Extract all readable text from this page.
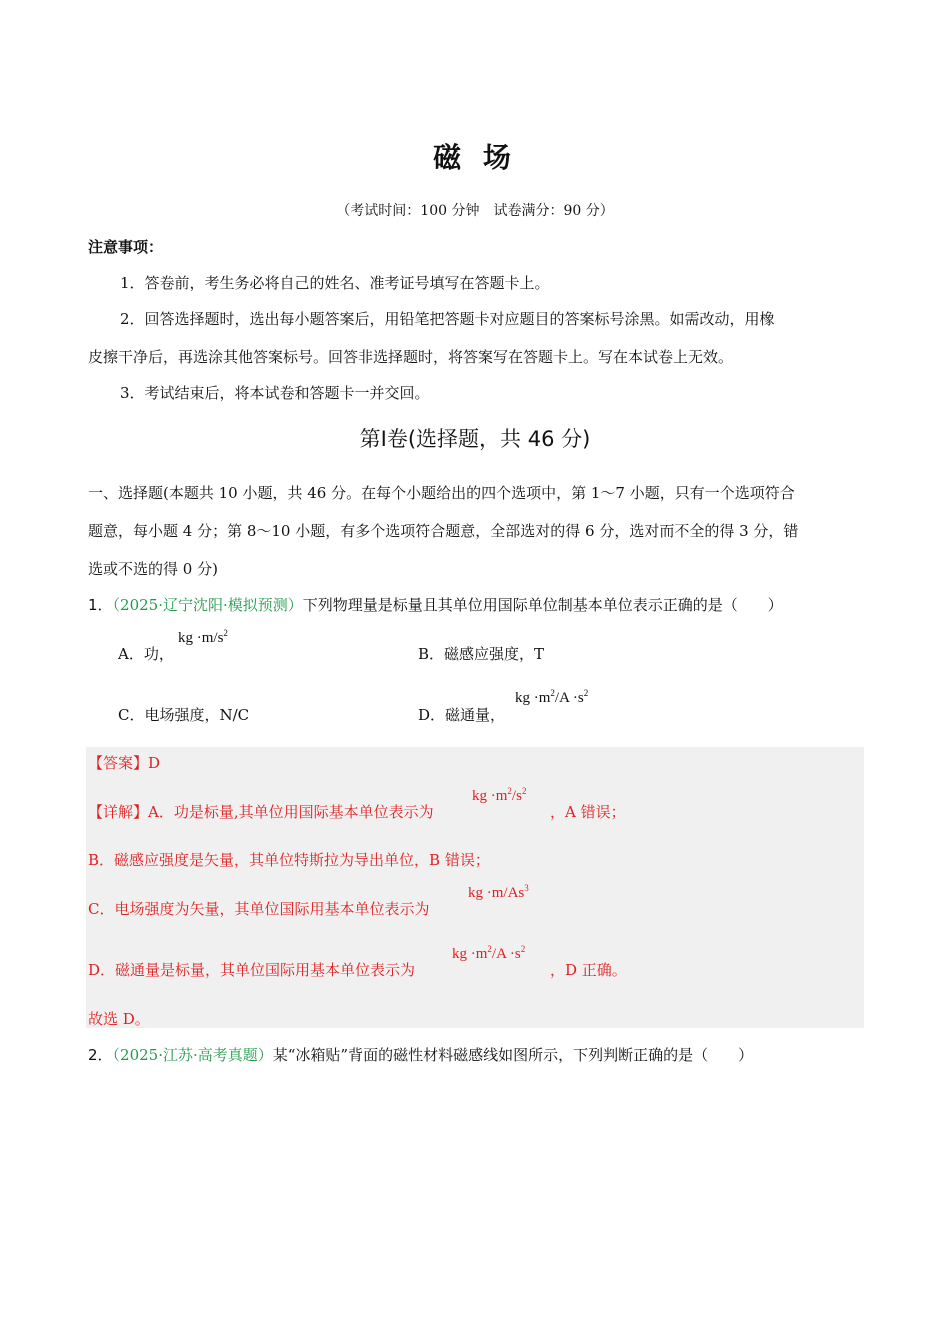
磁 场
（考试时间：100 分钟　试卷满分：90 分）
注意事项：
1．答卷前，考生务必将自己的姓名、准考证号填写在答题卡上。
2．回答选择题时，选出每小题答案后，用铅笔把答题卡对应题目的答案标号涂黑。如需改动，用橡
皮擦干净后，再选涂其他答案标号。回答非选择题时，将答案写在答题卡上。写在本试卷上无效。
3．考试结束后，将本试卷和答题卡一并交回。
第Ⅰ卷(选择题，共 46 分)
一、选择题(本题共 10 小题，共 46 分。在每个小题给出的四个选项中，第 1～7 小题，只有一个选项符合
题意，每小题 4 分；第 8～10 小题，有多个选项符合题意，全部选对的得 6 分，选对而不全的得 3 分，错
选或不选的得 0 分)
1．（2025·辽宁沈阳·模拟预测）下列物理量是标量且其单位用国际单位制基本单位表示正确的是（　　）
A．功，
kg $\cdot m/s^2$
B．磁感应强度，T
C．电场强度，N/C	D．磁通量，
kg $\cdot m^2/A \cdot s^2$
【答案】D
【详解】A．功是标量,其单位用国际基本单位表示为
kg $\cdot m^2/s^2$
，A 错误；
B．磁感应强度是矢量，其单位特斯拉为导出单位，B 错误；
C．电场强度为矢量，其单位国际用基本单位表示为
kg $\cdot m/As^3$
D．磁通量是标量，其单位国际用基本单位表示为
kg $\cdot m^2/A \cdot s^2$
，D 正确。
故选 D。
2．（2025·江苏·高考真题）某“冰箱贴”背面的磁性材料磁感线如图所示，下列判断正确的是（　　）
